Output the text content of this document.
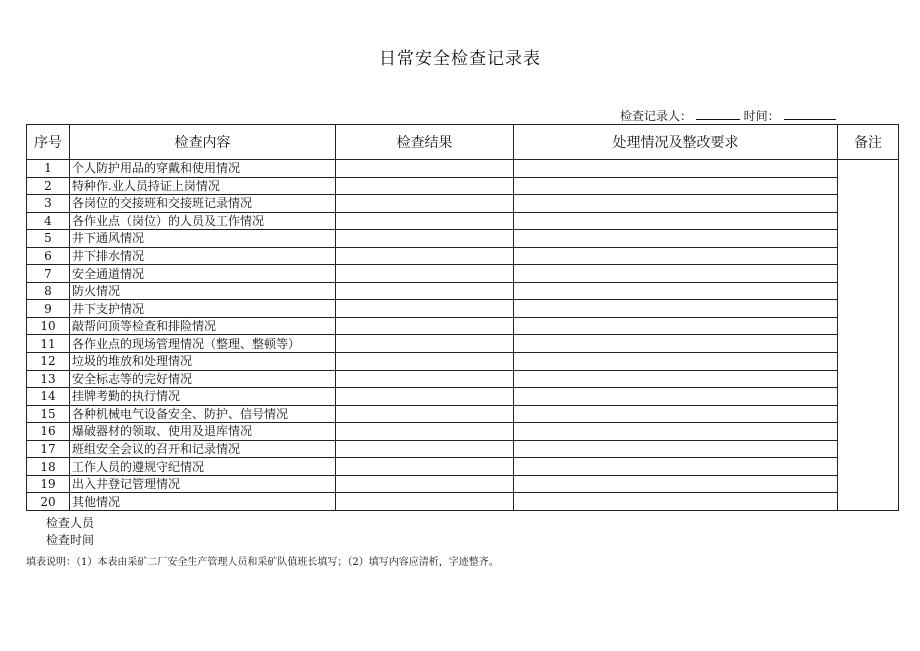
日常安全检查记录表
检查记录人：	时间：
序号	检查内容	检查结果	处理情况及整改要求	备注
1	个人防护用品的穿戴和使用情况			
2	特种作.业人员持证上岗情况			
3	各岗位的交接班和交接班记录情况			
4	各作业点（岗位）的人员及工作情况			
5	井下通风情况			
6	井下排水情况			
7	安全通道情况			
8	防火情况			
9	井下支护情况			
10	敲帮问顶等检查和排险情况			
11	各作业点的现场管理情况（整理、整顿等）			
12	垃圾的堆放和处理情况			
13	安全标志等的完好情况			
14	挂牌考勤的执行情况			
15	各种机械电气设备安全、防护、信号情况			
16	爆破器材的领取、使用及退库情况			
17	班组安全会议的召开和记录情况			
18	工作人员的遵规守纪情况			
19	出入井登记管理情况			
20	其他情况			
检查人员
检查时间
填表说明：（1）本表由采矿二厂安全生产管理人员和采矿队值班长填写；（2）填写内容应清析，字迹整齐。
